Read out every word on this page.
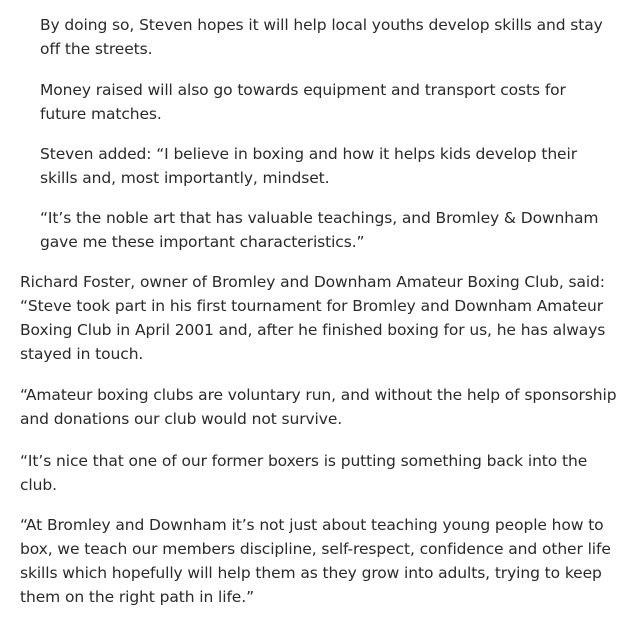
By doing so, Steven hopes it will help local youths develop skills and stay off the streets.

Money raised will also go towards equipment and transport costs for future matches.

Steven added: “I believe in boxing and how it helps kids develop their skills and, most importantly, mindset.

“It’s the noble art that has valuable teachings, and Bromley & Downham gave me these important characteristics.”

Richard Foster, owner of Bromley and Downham Amateur Boxing Club, said: “Steve took part in his first tournament for Bromley and Downham Amateur Boxing Club in April 2001 and, after he finished boxing for us, he has always stayed in touch.

“Amateur boxing clubs are voluntary run, and without the help of sponsorship and donations our club would not survive.

“It’s nice that one of our former boxers is putting something back into the club.

“At Bromley and Downham it’s not just about teaching young people how to box, we teach our members discipline, self-respect, confidence and other life skills which hopefully will help them as they grow into adults, trying to keep them on the right path in life.”
